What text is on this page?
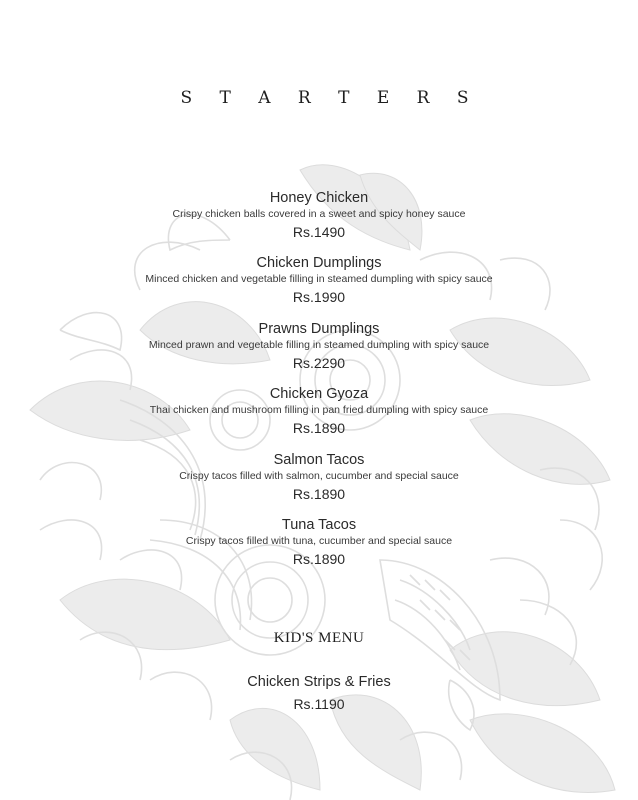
S T A R T E R S
Honey Chicken
Crispy chicken balls covered in a sweet and spicy honey sauce
Rs.1490
Chicken Dumplings
Minced chicken and vegetable filling in steamed dumpling with spicy sauce
Rs.1990
Prawns Dumplings
Minced prawn and vegetable filling in steamed dumpling with spicy sauce
Rs.2290
Chicken Gyoza
Thai chicken and mushroom filling in pan fried dumpling with spicy sauce
Rs.1890
Salmon Tacos
Crispy tacos filled with salmon, cucumber and special sauce
Rs.1890
Tuna Tacos
Crispy tacos filled with tuna, cucumber and special sauce
Rs.1890
KID'S MENU
Chicken Strips & Fries
Rs.1190
